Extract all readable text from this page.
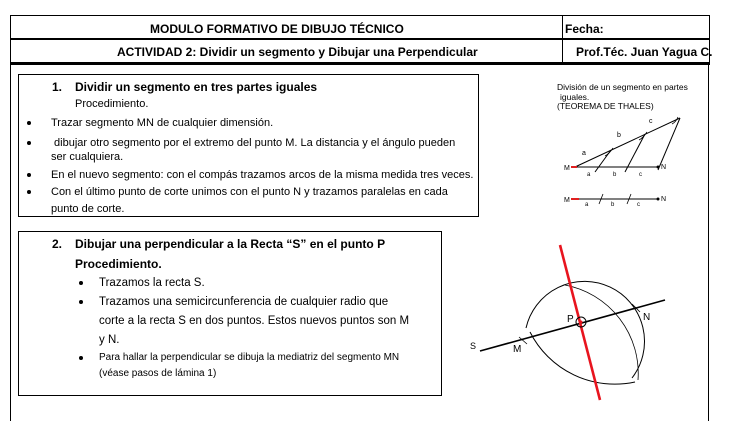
MODULO FORMATIVO DE DIBUJO TÉCNICO	Fecha:
ACTIVIDAD 2: Dividir un segmento y Dibujar una Perpendicular	Prof.Téc. Juan Yagua C.
1. Dividir un segmento en tres partes iguales
Procedimiento.
Trazar segmento MN de cualquier dimensión.
dibujar otro segmento por el extremo del punto M. La distancia y el ángulo pueden
ser cualquiera.
En el nuevo segmento: con el compás trazamos arcos de la misma medida tres veces.
Con el último punto de corte unimos con el punto N y trazamos paralelas en cada
punto de corte.
División de un segmento en partes
iguales.
(TEOREMA DE THALES)
a
b
c
M	N
a	b	c
M	N
a	b	c
2. Dibujar una perpendicular a la Recta “S” en el punto P
Procedimiento.
Trazamos la recta S.
Trazamos una semicircunferencia de cualquier radio que
corte a la recta S en dos puntos. Estos nuevos puntos son M
y N.
Para hallar la perpendicular se dibuja la mediatriz del segmento MN
(véase pasos de lámina 1)
S	M
N
P
